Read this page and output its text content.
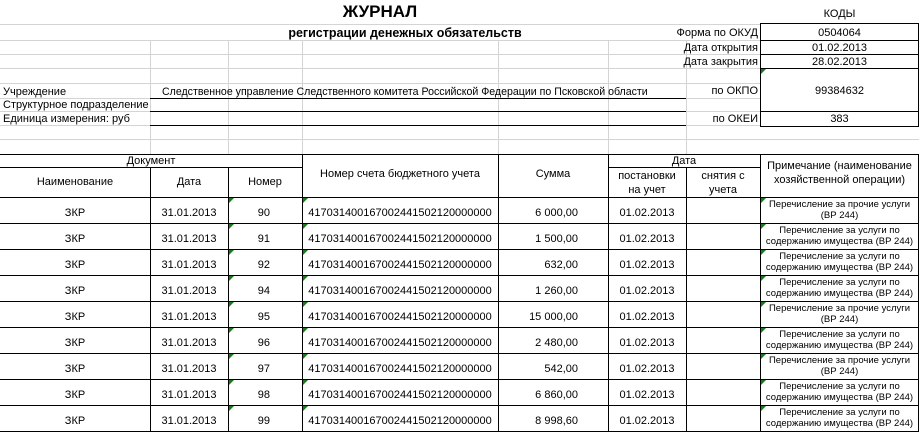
ЖУРНАЛ
регистрации денежных обязательств
КОДЫ
Форма по ОКУД	0504064
Дата открытия	01.02.2013
Дата закрытия	28.02.2013
по ОКПО	99384632
по ОКЕИ	383
Учреждение	Следственное управление Следственного комитета Российской Федерации по Псковской области
Структурное подразделение
Единица измерения: руб
Документ
Наименование	Дата	Номер
Номер счета бюджетного учета	Сумма
Дата
постановки
на учет
снятия с
учета
Примечание (наименование
хозяйственной операции)
ЗКР	31.01.2013	90	417031400167002441502120000000	6 000,00	01.02.2013
Перечисление за прочие услуги
(ВР 244)
ЗКР	31.01.2013	91	417031400167002441502120000000	1 500,00	01.02.2013
Перечисление за услуги по
содержанию имущества (ВР 244)
ЗКР	31.01.2013	92	417031400167002441502120000000	632,00	01.02.2013
Перечисление за услуги по
содержанию имущества (ВР 244)
ЗКР	31.01.2013	94	417031400167002441502120000000	1 260,00	01.02.2013
Перечисление за услуги по
содержанию имущества (ВР 244)
ЗКР	31.01.2013	95	417031400167002441502120000000	15 000,00	01.02.2013
Перечисление за прочие услуги
(ВР 244)
ЗКР	31.01.2013	96	417031400167002441502120000000	2 480,00	01.02.2013
Перечисление за услуги по
содержанию имущества (ВР 244)
ЗКР	31.01.2013	97	417031400167002441502120000000	542,00	01.02.2013
Перечисление за прочие услуги
(ВР 244)
ЗКР	31.01.2013	98	417031400167002441502120000000	6 860,00	01.02.2013
Перечисление за услуги по
содержанию имущества (ВР 244)
ЗКР	31.01.2013	99	417031400167002441502120000000	8 998,60	01.02.2013
Перечисление за услуги по
содержанию имущества (ВР 244)
